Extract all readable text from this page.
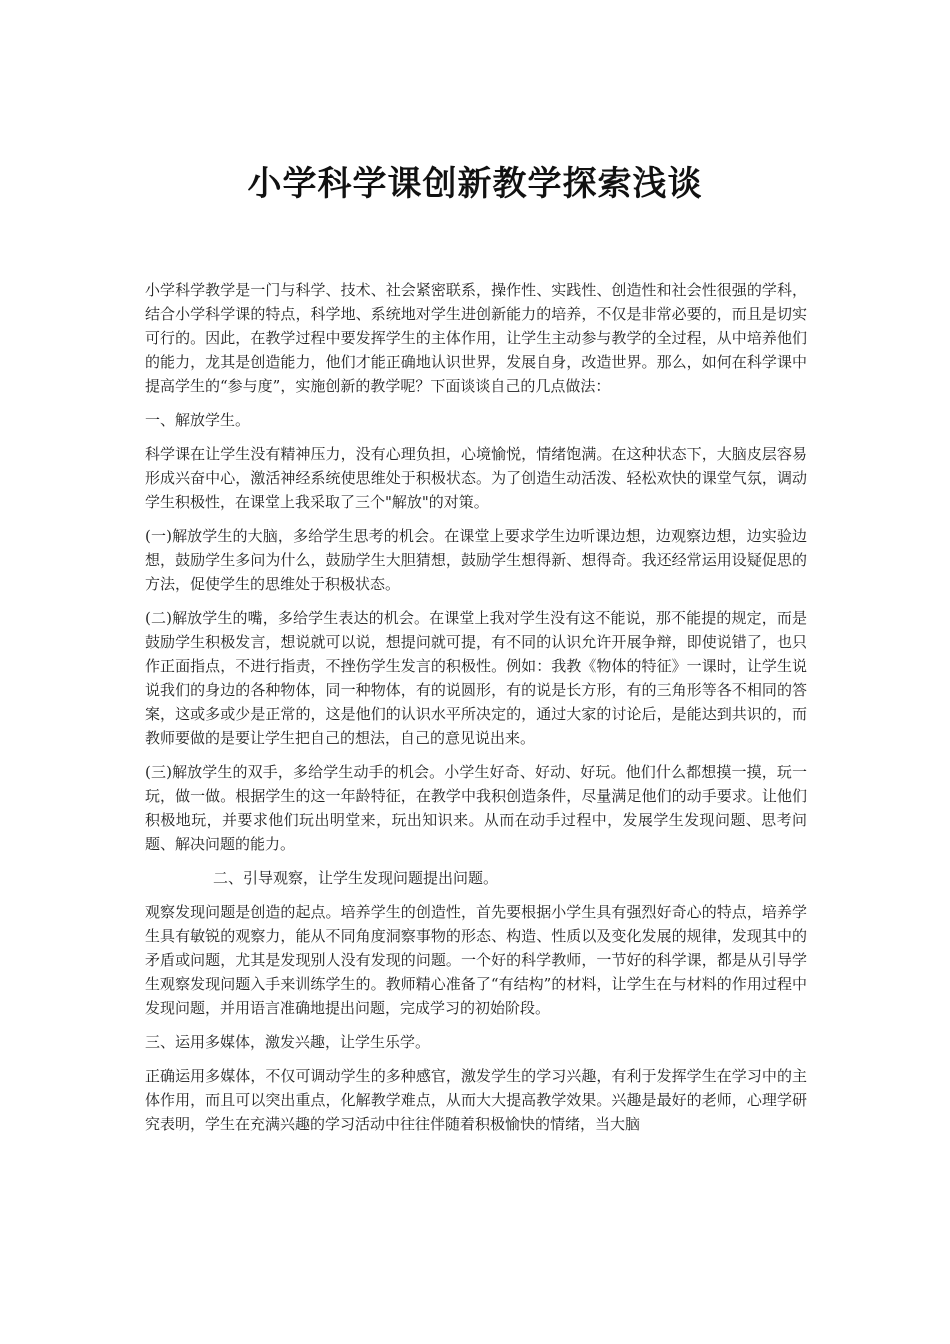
小学科学课创新教学探索浅谈

小学科学教学是一门与科学、技术、社会紧密联系，操作性、实践性、创造性和社会性很强的学科，结合小学科学课的特点，科学地、系统地对学生进创新能力的培养，不仅是非常必要的，而且是切实可行的。因此，在教学过程中要发挥学生的主体作用，让学生主动参与教学的全过程，从中培养他们的能力，龙其是创造能力，他们才能正确地认识世界，发展自身，改造世界。那么，如何在科学课中提高学生的“参与度”，实施创新的教学呢？下面谈谈自己的几点做法：

一、解放学生。

科学课在让学生没有精神压力，没有心理负担，心境愉悦，情绪饱满。在这种状态下，大脑皮层容易形成兴奋中心，激活神经系统使思维处于积极状态。为了创造生动活泼、轻松欢快的课堂气氛，调动学生积极性，在课堂上我采取了三个"解放"的对策。

(一)解放学生的大脑，多给学生思考的机会。在课堂上要求学生边听课边想，边观察边想，边实验边想，鼓励学生多问为什么，鼓励学生大胆猜想，鼓励学生想得新、想得奇。我还经常运用设疑促思的方法，促使学生的思维处于积极状态。

(二)解放学生的嘴，多给学生表达的机会。在课堂上我对学生没有这不能说，那不能提的规定，而是鼓励学生积极发言，想说就可以说，想提问就可提，有不同的认识允许开展争辩，即使说错了，也只作正面指点，不进行指责，不挫伤学生发言的积极性。例如：我教《物体的特征》一课时，让学生说说我们的身边的各种物体，同一种物体，有的说圆形，有的说是长方形，有的三角形等各不相同的答案，这或多或少是正常的，这是他们的认识水平所决定的，通过大家的讨论后，是能达到共识的，而教师要做的是要让学生把自己的想法，自己的意见说出来。

(三)解放学生的双手，多给学生动手的机会。小学生好奇、好动、好玩。他们什么都想摸一摸，玩一玩，做一做。根据学生的这一年龄特征，在教学中我积创造条件，尽量满足他们的动手要求。让他们积极地玩，并要求他们玩出明堂来，玩出知识来。从而在动手过程中，发展学生发现问题、思考问题、解决问题的能力。

二、引导观察，让学生发现问题提出问题。

观察发现问题是创造的起点。培养学生的创造性，首先要根据小学生具有强烈好奇心的特点，培养学生具有敏锐的观察力，能从不同角度洞察事物的形态、构造、性质以及变化发展的规律，发现其中的矛盾或问题，尤其是发现别人没有发现的问题。一个好的科学教师，一节好的科学课，都是从引导学生观察发现问题入手来训练学生的。教师精心准备了“有结构”的材料，让学生在与材料的作用过程中发现问题，并用语言准确地提出问题，完成学习的初始阶段。

三、运用多媒体，激发兴趣，让学生乐学。

正确运用多媒体，不仅可调动学生的多种感官，激发学生的学习兴趣，有利于发挥学生在学习中的主体作用，而且可以突出重点，化解教学难点，从而大大提高教学效果。兴趣是最好的老师，心理学研究表明，学生在充满兴趣的学习活动中往往伴随着积极愉快的情绪，当大脑
